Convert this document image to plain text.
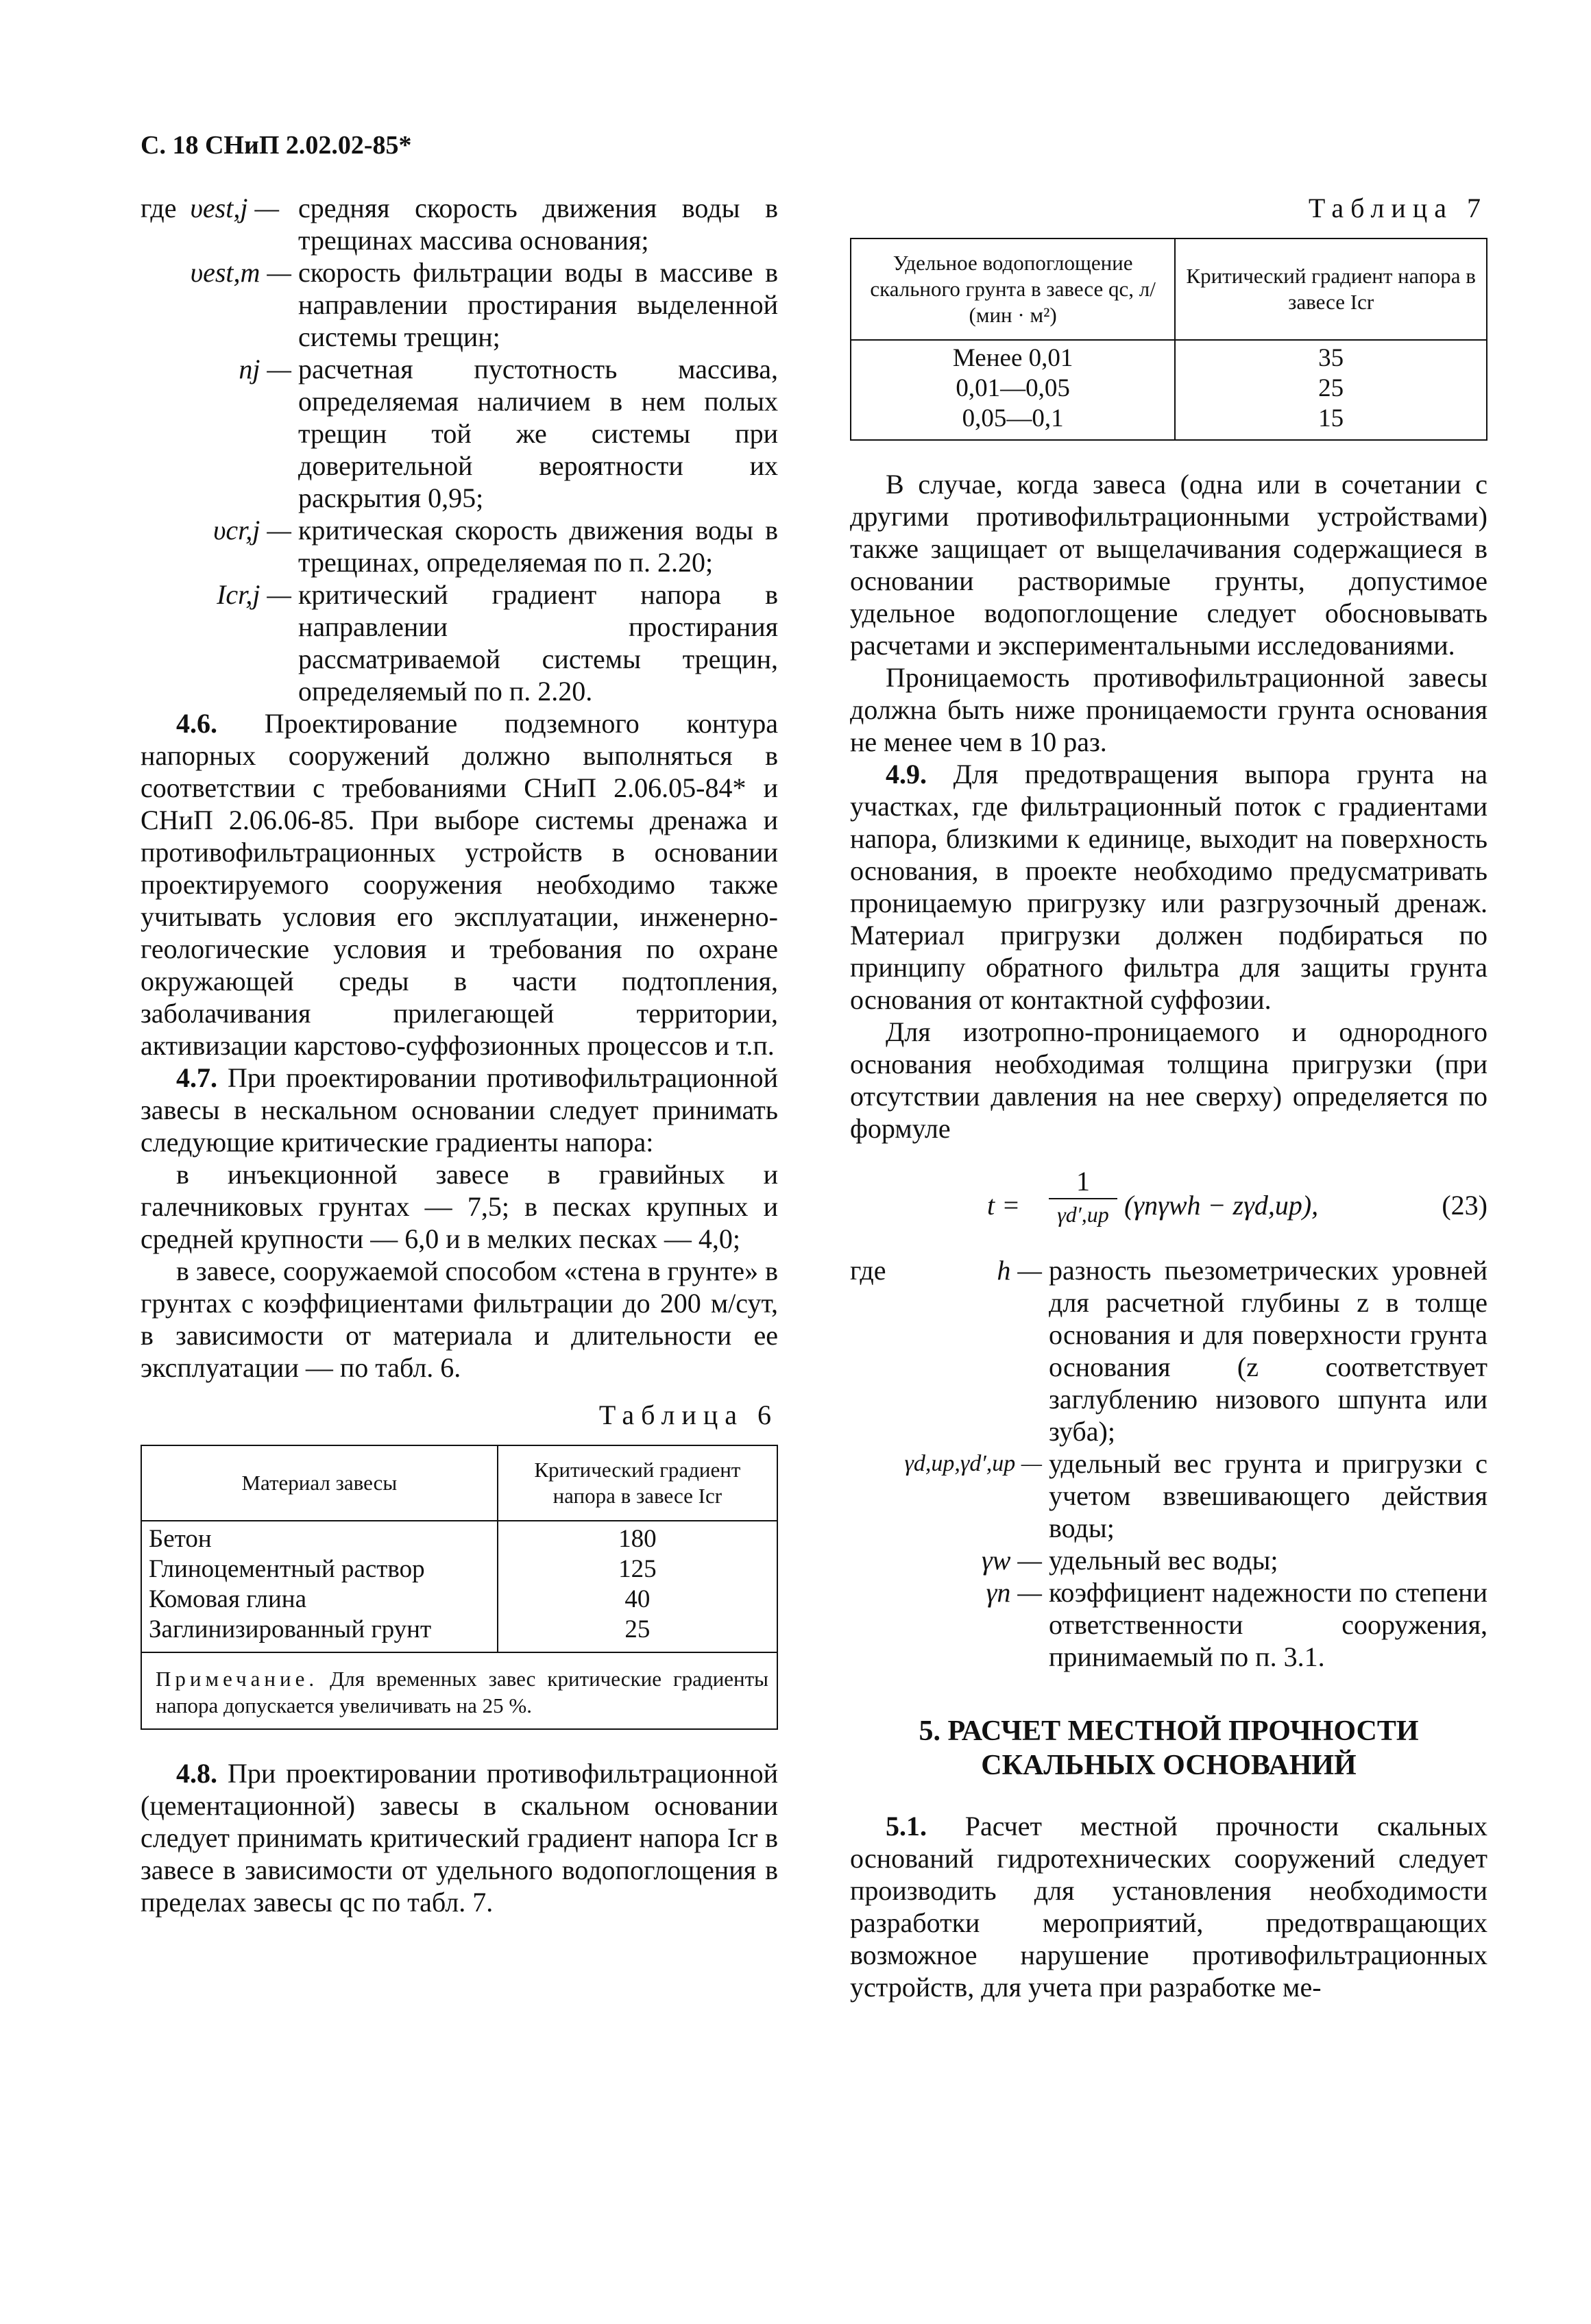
С. 18 СНиП 2.02.02-85*
где υest,j — средняя скорость движения воды в трещинах массива основания;
υest,m — скорость фильтрации воды в массиве в направлении простирания выделенной системы трещин;
nj — расчетная пустотность массива, определяемая наличием в нем полых трещин той же системы при доверительной вероятности их раскрытия 0,95;
υcr,j — критическая скорость движения воды в трещинах, определяемая по п. 2.20;
Icr,j — критический градиент напора в направлении простирания рассматриваемой системы трещин, определяемый по п. 2.20.

4.6. Проектирование подземного контура напорных сооружений должно выполняться в соответствии с требованиями СНиП 2.06.05-84* и СНиП 2.06.06-85. При выборе системы дренажа и противофильтрационных устройств в основании проектируемого сооружения необходимо также учитывать условия его эксплуатации, инженерно-геологические условия и требования по охране окружающей среды в части подтопления, заболачивания прилегающей территории, активизации карстово-суффозионных процессов и т.п.

4.7. При проектировании противофильтрационной завесы в нескальном основании следует принимать следующие критические градиенты напора:

в инъекционной завесе в гравийных и галечниковых грунтах — 7,5; в песках крупных и средней крупности — 6,0 и в мелких песках — 4,0;

в завесе, сооружаемой способом «стена в грунте» в грунтах с коэффициентами фильтрации до 200 м/сут, в зависимости от материала и длительности ее эксплуатации — по табл. 6.

Таблица 6
Материал завесы	Критический градиент напора в завесе Icr
Бетон	180
Глиноцементный раствор	125
Комовая глина	40
Заглинизированный грунт	25
Примечание. Для временных завес критические градиенты напора допускается увеличивать на 25 %.

4.8. При проектировании противофильтрационной (цементационной) завесы в скальном основании следует принимать критический градиент напора Icr в завесе в зависимости от удельного водопоглощения в пределах завесы qc по табл. 7.

Таблица 7
Удельное водопоглощение скального грунта в завесе qc, л/ (мин · м²)	Критический градиент напора в завесе Icr
Менее 0,01	35
0,01—0,05	25
0,05—0,1	15

В случае, когда завеса (одна или в сочетании с другими противофильтрационными устройствами) также защищает от выщелачивания содержащиеся в основании растворимые грунты, допустимое удельное водопоглощение следует обосновывать расчетами и экспериментальными исследованиями.

Проницаемость противофильтрационной завесы должна быть ниже проницаемости грунта основания не менее чем в 10 раз.

4.9. Для предотвращения выпора грунта на участках, где фильтрационный поток с градиентами напора, близкими к единице, выходит на поверхность основания, в проекте необходимо предусматривать проницаемую пригрузку или разгрузочный дренаж. Материал пригрузки должен подбираться по принципу обратного фильтра для защиты грунта основания от контактной суффозии.

Для изотропно-проницаемого и однородного основания необходимая толщина пригрузки (при отсутствии давления на нее сверху) определяется по формуле

t =
1
γd′,up (γnγwh − zγd,up),	(23)
где	h — разность пьезометрических уровней для расчетной глубины z в толще основания и для поверхности грунта основания (z соответствует заглублению низового шпунта или зуба);
γd,up,γd′,up — удельный вес грунта и пригрузки с учетом взвешивающего действия воды;
γw — удельный вес воды;
γn — коэффициент надежности по степени ответственности сооружения, принимаемый по п. 3.1.
5. РАСЧЕТ МЕСТНОЙ ПРОЧНОСТИ
СКАЛЬНЫХ ОСНОВАНИЙ

5.1. Расчет местной прочности скальных оснований гидротехнических сооружений следует производить для установления необходимости разработки мероприятий, предотвращающих возможное нарушение противофильтрационных устройств, для учета при разработке ме-
